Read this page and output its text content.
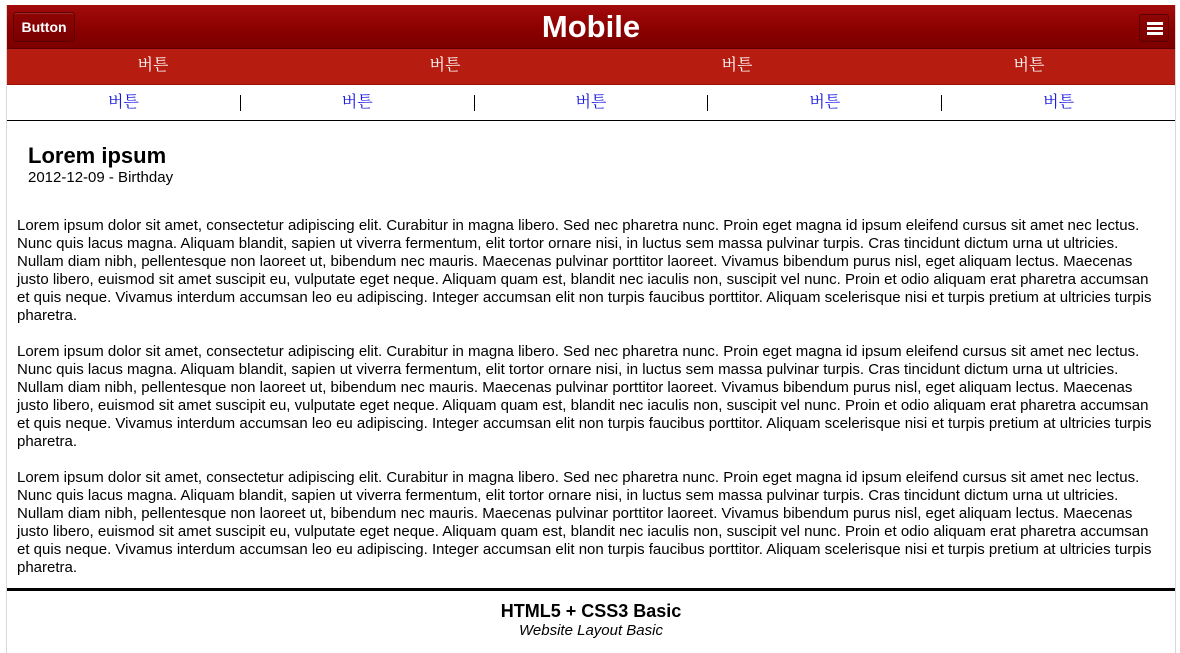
Button	Mobile
버튼	버튼	버튼	버튼
버튼	버튼	버튼	버튼	버튼
Lorem ipsum
2012-12-09 - Birthday

Lorem ipsum dolor sit amet, consectetur adipiscing elit. Curabitur in magna libero. Sed nec pharetra nunc. Proin eget magna id ipsum eleifend cursus sit amet nec lectus. Nunc quis lacus magna. Aliquam blandit, sapien ut viverra fermentum, elit tortor ornare nisi, in luctus sem massa pulvinar turpis. Cras tincidunt dictum urna ut ultricies. Nullam diam nibh, pellentesque non laoreet ut, bibendum nec mauris. Maecenas pulvinar porttitor laoreet. Vivamus bibendum purus nisl, eget aliquam lectus. Maecenas justo libero, euismod sit amet suscipit eu, vulputate eget neque. Aliquam quam est, blandit nec iaculis non, suscipit vel nunc. Proin et odio aliquam erat pharetra accumsan et quis neque. Vivamus interdum accumsan leo eu adipiscing. Integer accumsan elit non turpis faucibus porttitor. Aliquam scelerisque nisi et turpis pretium at ultricies turpis pharetra.

Lorem ipsum dolor sit amet, consectetur adipiscing elit. Curabitur in magna libero. Sed nec pharetra nunc. Proin eget magna id ipsum eleifend cursus sit amet nec lectus. Nunc quis lacus magna. Aliquam blandit, sapien ut viverra fermentum, elit tortor ornare nisi, in luctus sem massa pulvinar turpis. Cras tincidunt dictum urna ut ultricies. Nullam diam nibh, pellentesque non laoreet ut, bibendum nec mauris. Maecenas pulvinar porttitor laoreet. Vivamus bibendum purus nisl, eget aliquam lectus. Maecenas justo libero, euismod sit amet suscipit eu, vulputate eget neque. Aliquam quam est, blandit nec iaculis non, suscipit vel nunc. Proin et odio aliquam erat pharetra accumsan et quis neque. Vivamus interdum accumsan leo eu adipiscing. Integer accumsan elit non turpis faucibus porttitor. Aliquam scelerisque nisi et turpis pretium at ultricies turpis pharetra.

Lorem ipsum dolor sit amet, consectetur adipiscing elit. Curabitur in magna libero. Sed nec pharetra nunc. Proin eget magna id ipsum eleifend cursus sit amet nec lectus. Nunc quis lacus magna. Aliquam blandit, sapien ut viverra fermentum, elit tortor ornare nisi, in luctus sem massa pulvinar turpis. Cras tincidunt dictum urna ut ultricies. Nullam diam nibh, pellentesque non laoreet ut, bibendum nec mauris. Maecenas pulvinar porttitor laoreet. Vivamus bibendum purus nisl, eget aliquam lectus. Maecenas justo libero, euismod sit amet suscipit eu, vulputate eget neque. Aliquam quam est, blandit nec iaculis non, suscipit vel nunc. Proin et odio aliquam erat pharetra accumsan et quis neque. Vivamus interdum accumsan leo eu adipiscing. Integer accumsan elit non turpis faucibus porttitor. Aliquam scelerisque nisi et turpis pretium at ultricies turpis pharetra.

HTML5 + CSS3 Basic
Website Layout Basic
